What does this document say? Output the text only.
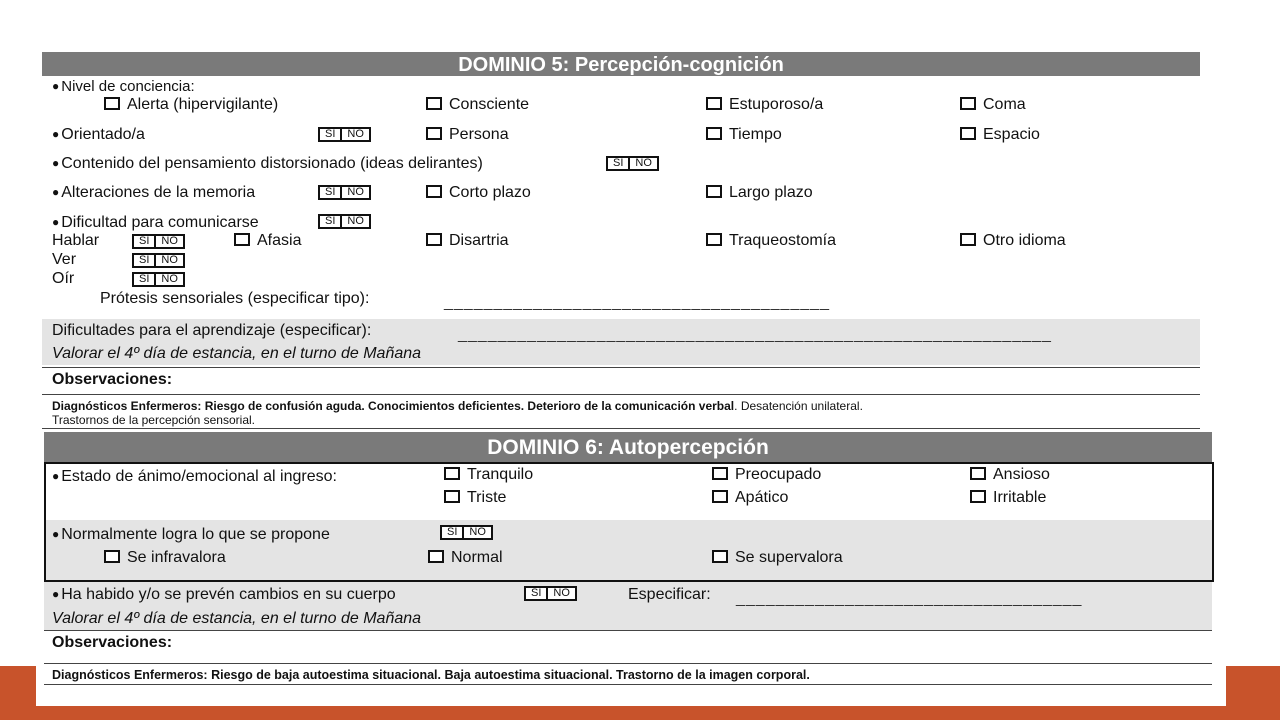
DOMINIO 5: Percepción-cognición
● Nivel de conciencia:
Alerta (hipervigilante)	Consciente	Estuporoso/a	Coma
● Orientado/a	SI	NO	Persona	Tiempo	Espacio
● Contenido del pensamiento distorsionado (ideas delirantes)	SI	NO
● Alteraciones de la memoria	SI	NO	Corto plazo	Largo plazo
● Dificultad para comunicarse	SI	NO
Hablar	SI	NO	Afasia	Disartria	Traqueostomía	Otro idioma
Ver	SI	NO
Oír	SI	NO
Prótesis sensoriales (especificar tipo):	_______________________________________
Dificultades para el aprendizaje (especificar):	____________________________________________________________
Valorar el 4º día de estancia, en el turno de Mañana
Observaciones:
Diagnósticos Enfermeros: Riesgo de confusión aguda. Conocimientos deficientes. Deterioro de la comunicación verbal. Desatención unilateral.
Trastornos de la percepción sensorial.
DOMINIO 6: Autopercepción
● Estado de ánimo/emocional al ingreso:	Tranquilo	Preocupado	Ansioso
Triste	Apático	Irritable
● Normalmente logra lo que se propone	SI	NO
Se infravalora	Normal	Se supervalora
● Ha habido y/o se prevén cambios en su cuerpo	SI	NO	Especificar: ___________________________________
Valorar el 4º día de estancia, en el turno de Mañana
Observaciones:
Diagnósticos Enfermeros: Riesgo de baja autoestima situacional. Baja autoestima situacional. Trastorno de la imagen corporal.
